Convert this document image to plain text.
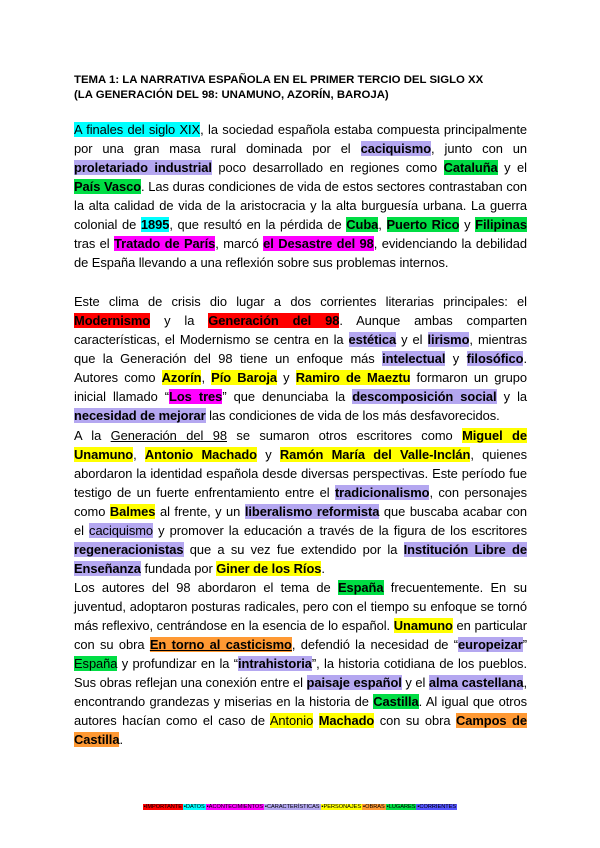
TEMA 1: LA NARRATIVA ESPAÑOLA EN EL PRIMER TERCIO DEL SIGLO XX
(LA GENERACIÓN DEL 98: UNAMUNO, AZORÍN, BAROJA)

A finales del siglo XIX, la sociedad española estaba compuesta principalmente por una gran masa rural dominada por el caciquismo, junto con un proletariado industrial poco desarrollado en regiones como Cataluña y el País Vasco. Las duras condiciones de vida de estos sectores contrastaban con la alta calidad de vida de la aristocracia y la alta burguesía urbana. La guerra colonial de 1895, que resultó en la pérdida de Cuba, Puerto Rico y Filipinas tras el Tratado de París, marcó el Desastre del 98, evidenciando la debilidad de España llevando a una reflexión sobre sus problemas internos.

Este clima de crisis dio lugar a dos corrientes literarias principales: el Modernismo y la Generación del 98. Aunque ambas comparten características, el Modernismo se centra en la estética y el lirismo, mientras que la Generación del 98 tiene un enfoque más intelectual y filosófico. Autores como Azorín, Pío Baroja y Ramiro de Maeztu formaron un grupo inicial llamado “Los tres” que denunciaba la descomposición social y la necesidad de mejorar las condiciones de vida de los más desfavorecidos.

A la Generación del 98 se sumaron otros escritores como Miguel de Unamuno, Antonio Machado y Ramón María del Valle-Inclán, quienes abordaron la identidad española desde diversas perspectivas. Este período fue testigo de un fuerte enfrentamiento entre el tradicionalismo, con personajes como Balmes al frente, y un liberalismo reformista que buscaba acabar con el caciquismo y promover la educación a través de la figura de los escritores regeneracionistas que a su vez fue extendido por la Institución Libre de Enseñanza fundada por Giner de los Ríos.

Los autores del 98 abordaron el tema de España frecuentemente. En su juventud, adoptaron posturas radicales, pero con el tiempo su enfoque se tornó más reflexivo, centrándose en la esencia de lo español. Unamuno en particular con su obra En torno al casticismo, defendió la necesidad de “europeizar” España y profundizar en la “intrahistoria”, la historia cotidiana de los pueblos. Sus obras reflejan una conexión entre el paisaje español y el alma castellana, encontrando grandezas y miserias en la historia de Castilla. Al igual que otros autores hacían como el caso de Antonio Machado con su obra Campos de Castilla.

▪IMPORTANTE ▪DATOS ▪ACONTECIMIENTOS ▪CARACTERÍSTICAS ▪PERSONAJES ▪OBRAS ▪LUGARES ▪CORRIENTES
